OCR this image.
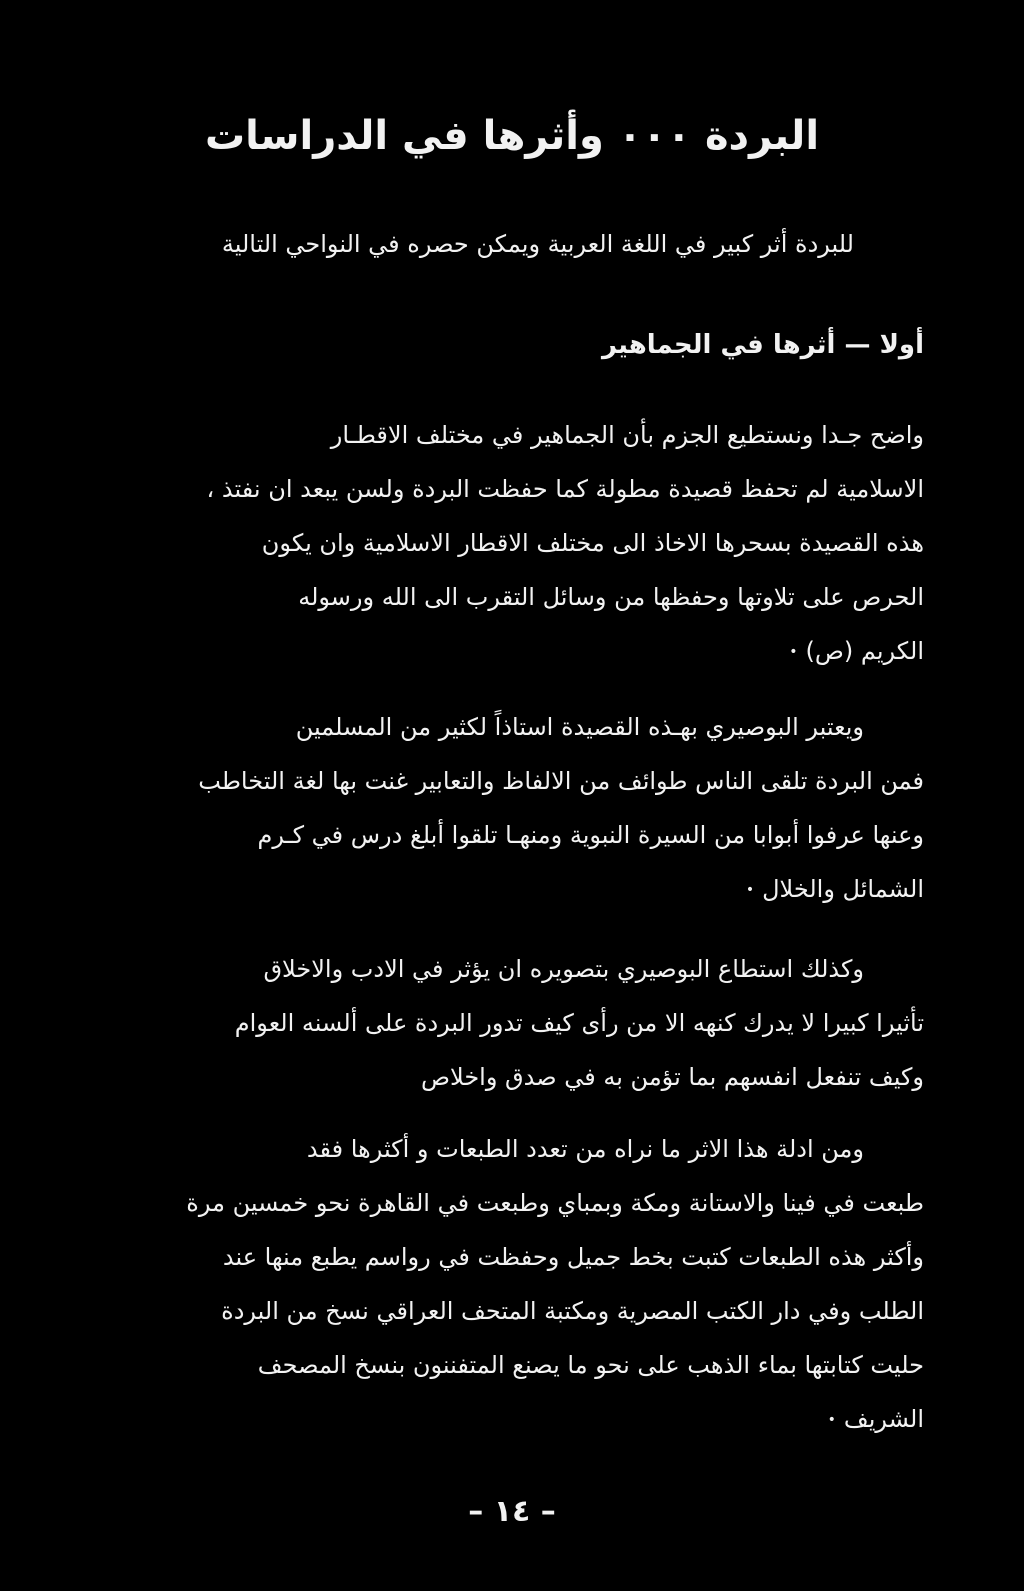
البردة ٠٠٠ وأثرها في الدراسات

للبردة أثر كبير في اللغة العربية ويمكن حصره في النواحي التالية

أولا — أثرها في الجماهير
واضح جـدا ونستطيع الجزم بأن الجماهير في مختلف الاقطـار
الاسلامية لم تحفظ قصيدة مطولة كما حفظت البردة ولسن يبعد ان نفتذ ،
هذه القصيدة بسحرها الاخاذ الى مختلف الاقطار الاسلامية وان يكون
الحرص على تلاوتها وحفظها من وسائل التقرب الى الله ورسوله
الكريم (ص)•
ويعتبر البوصيري بهـذه القصيدة استاذاً لكثير من المسلمين
فمن البردة تلقى الناس طوائف من الالفاظ والتعابير غنت بها لغة التخاطب
وعنها عرفوا أبوابا من السيرة النبوية ومنهـا تلقوا أبلغ درس في كـرم
الشمائل والخلال•
وكذلك استطاع البوصيري بتصويره ان يؤثر في الادب والاخلاق
تأثيرا كبيرا لا يدرك كنهه الا من رأى كيف تدور البردة على ألسنه العوام
وكيف تنفعل انفسهم بما تؤمن به في صدق واخلاص
ومن ادلة هذا الاثر ما نراه من تعدد الطبعات و أكثرها فقد
طبعت في فينا والاستانة ومكة وبمباي وطبعت في القاهرة نحو خمسين مرة
وأكثر هذه الطبعات كتبت بخط جميل وحفظت في رواسم يطبع منها عند
الطلب وفي دار الكتب المصرية ومكتبة المتحف العراقي نسخ من البردة
حليت كتابتها بماء الذهب على نحو ما يصنع المتفننون بنسخ المصحف
الشريف•
– ١٤ –
